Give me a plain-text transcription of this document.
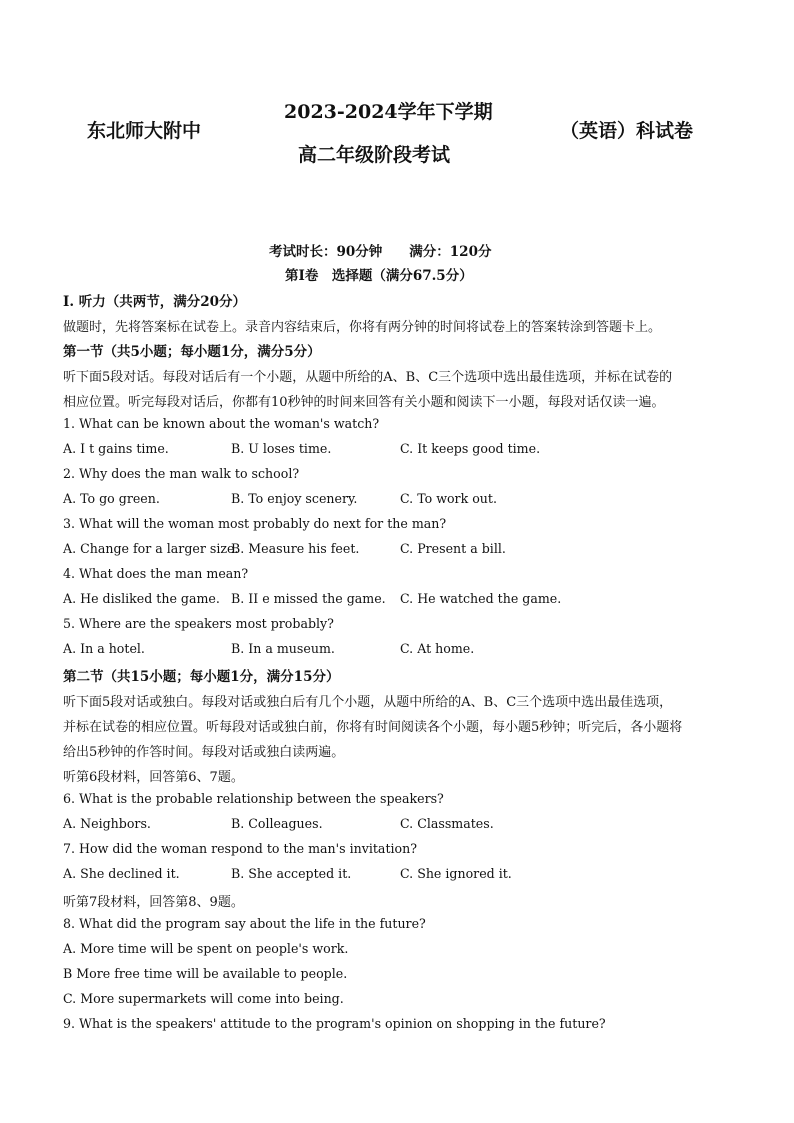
东北师大附中
2023-2024学年下学期
高二年级阶段考试
（英语）科试卷
考试时长：90分钟　　满分：120分
第Ⅰ卷　选择题（满分67.5分）
I. 听力（共两节，满分20分）
做题时，先将答案标在试卷上。录音内容结束后，你将有两分钟的时间将试卷上的答案转涂到答题卡上。
第一节（共5小题；每小题1分，满分5分）
听下面5段对话。每段对话后有一个小题，从题中所给的A、B、C三个选项中选出最佳选项，并标在试卷的
相应位置。听完每段对话后，你都有10秒钟的时间来回答有关小题和阅读下一小题，每段对话仅读一遍。
1. What can be known about the woman's watch?
A. I t gains time.	B. U loses time.	C. It keeps good time.
2. Why does the man walk to school?
A. To go green.	B. To enjoy scenery.	C. To work out.
3. What will the woman most probably do next for the man?
A. Change for a larger size.
B. Measure his feet.	C. Present a bill.
4. What does the man mean?
A. He disliked the game. B. II e missed the game. C. He watched the game.
5. Where are the speakers most probably?
A. In a hotel.	B. In a museum.	C. At home.
第二节（共15小题；每小题1分，满分15分）
听下面5段对话或独白。每段对话或独白后有几个小题，从题中所给的A、B、C三个选项中选出最佳选项，
并标在试卷的相应位置。听每段对话或独白前，你将有时间阅读各个小题，每小题5秒钟；听完后，各小题将
给出5秒钟的作答时间。每段对话或独白读两遍。
听第6段材料，回答第6、7题。
6. What is the probable relationship between the speakers?
A. Neighbors.	B. Colleagues.	C. Classmates.
7. How did the woman respond to the man's invitation?
A. She declined it.	B. She accepted it.	C. She ignored it.
听第7段材料，回答第8、9题。
8. What did the program say about the life in the future?
A. More time will be spent on people's work.
B More free time will be available to people.
C. More supermarkets will come into being.
9. What is the speakers' attitude to the program's opinion on shopping in the future?
